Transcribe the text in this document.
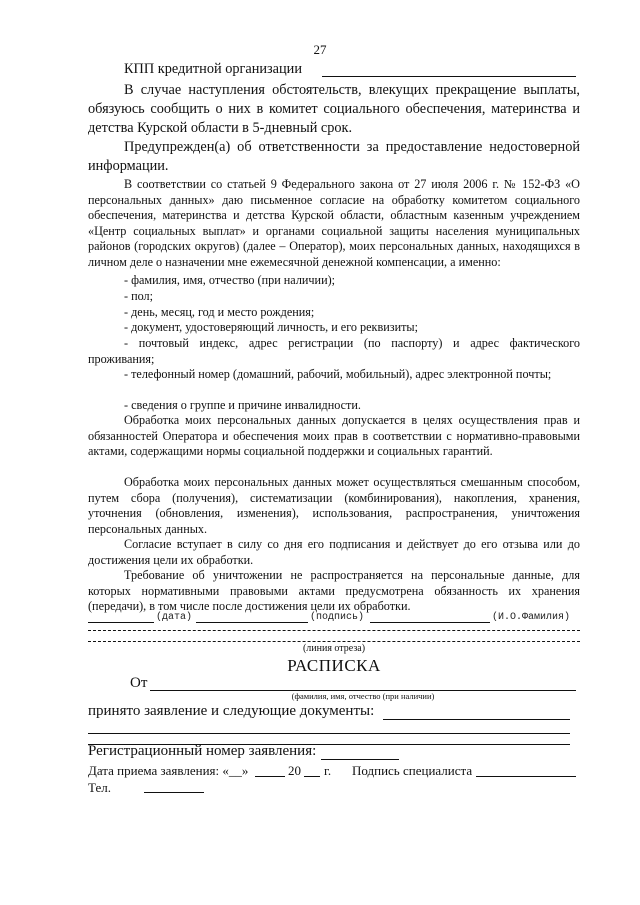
27
КПП кредитной организации
В случае наступления обстоятельств, влекущих прекращение выплаты, обязуюсь сообщить о них в комитет социального обеспечения, материнства и детства Курской области в 5-дневный срок.
Предупрежден(а) об ответственности за предоставление недостоверной информации.
В соответствии со статьей 9 Федерального закона от 27 июля 2006 г. № 152-ФЗ «О персональных данных» даю письменное согласие на обработку комитетом социального обеспечения, материнства и детства Курской области, областным казенным учреждением «Центр социальных выплат» и органами социальной защиты населения муниципальных районов (городских округов) (далее – Оператор), моих персональных данных, находящихся в личном деле о назначении мне ежемесячной денежной компенсации, а именно:
- фамилия, имя, отчество (при наличии);
- пол;
- день, месяц, год и место рождения;
- документ, удостоверяющий личность, и его реквизиты;
- почтовый индекс, адрес регистрации (по паспорту) и адрес фактического проживания;
- телефонный номер (домашний, рабочий, мобильный), адрес электронной почты;
- сведения о группе и причине инвалидности.
Обработка моих персональных данных допускается в целях осуществления прав и обязанностей Оператора и обеспечения моих прав в соответствии с нормативно-правовыми актами, содержащими нормы социальной поддержки и социальных гарантий.
Обработка моих персональных данных может осуществляться смешанным способом, путем сбора (получения), систематизации (комбинирования), накопления, хранения, уточнения (обновления, изменения), использования, распространения, уничтожения персональных данных.
Согласие вступает в силу со дня его подписания и действует до его отзыва или до достижения цели их обработки.
Требование об уничтожении не распространяется на персональные данные, для которых нормативными правовыми актами предусмотрена обязанность их хранения (передачи), в том числе после достижения цели их обработки.
(дата)	(подпись)	(И.О.Фамилия)
(линия отреза)
РАСПИСКА
От
(фамилия, имя, отчество (при наличии)
принято заявление и следующие документы:
Регистрационный номер заявления:
Дата приема заявления: «__»	20 г. Подпись специалиста
Тел.
